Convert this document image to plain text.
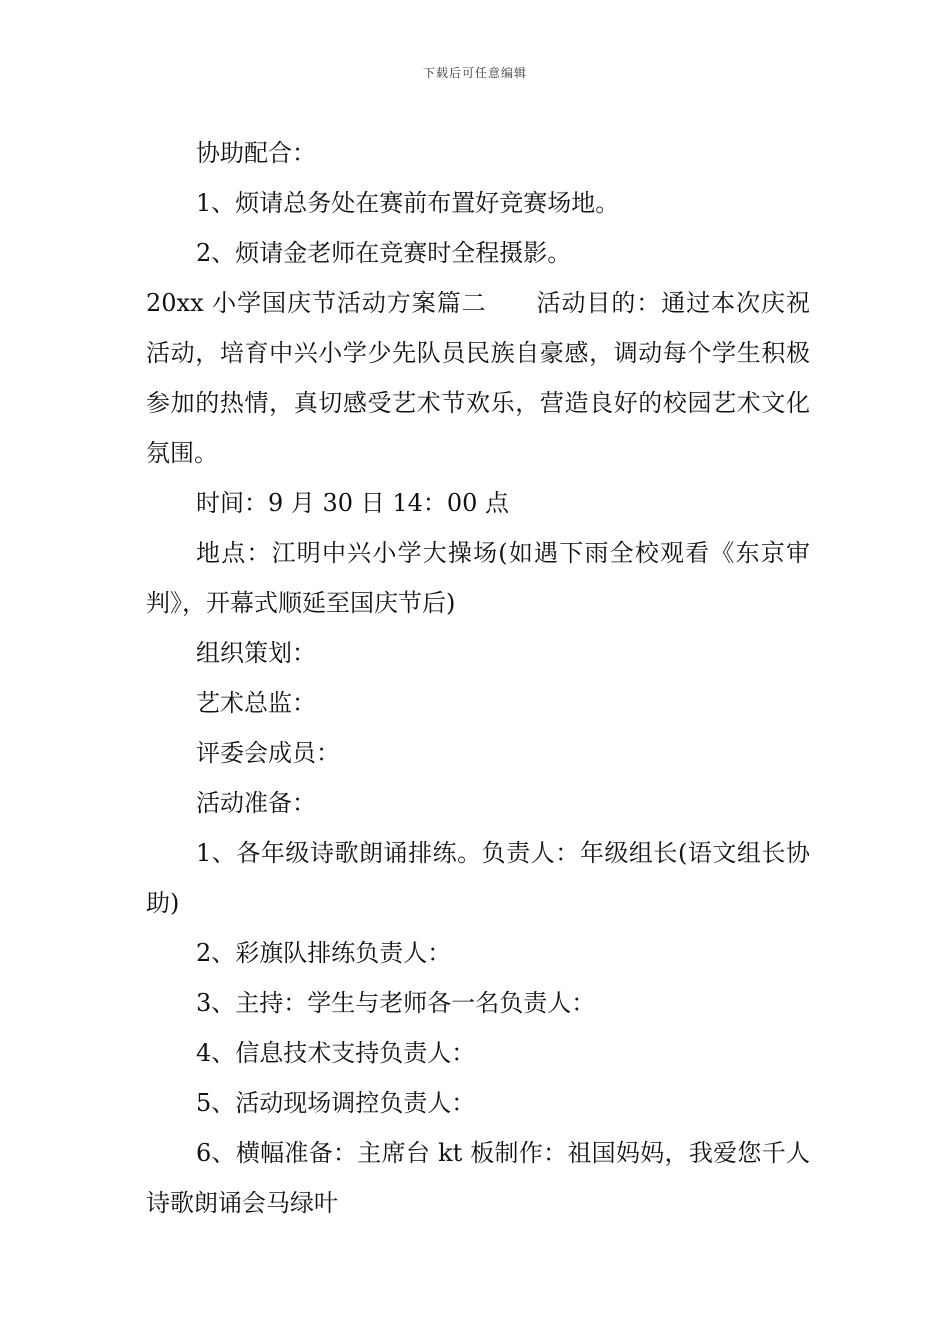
下载后可任意编辑

协助配合：

1、烦请总务处在赛前布置好竞赛场地。

2、烦请金老师在竞赛时全程摄影。

20xx 小学国庆节活动方案篇二　　活动目的：通过本次庆祝活动，培育中兴小学少先队员民族自豪感，调动每个学生积极参加的热情，真切感受艺术节欢乐，营造良好的校园艺术文化氛围。

时间：9 月 30 日 14：00 点

地点：江明中兴小学大操场(如遇下雨全校观看《东京审判》，开幕式顺延至国庆节后)

组织策划：

艺术总监：

评委会成员：

活动准备：

1、各年级诗歌朗诵排练。负责人：年级组长(语文组长协助)

2、彩旗队排练负责人：

3、主持：学生与老师各一名负责人：

4、信息技术支持负责人：

5、活动现场调控负责人：

6、横幅准备：主席台 kt 板制作：祖国妈妈，我爱您千人诗歌朗诵会马绿叶
